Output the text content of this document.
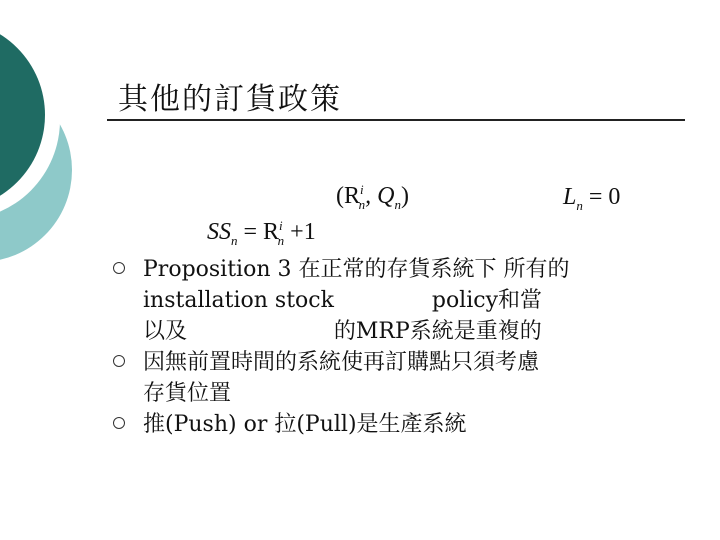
其他的訂貨政策
($R^i_n$, $Q_n$)	$L_n = 0$
$SS_n = R^i_n +1$
Proposition 3 在正常的存貨系統下 所有的
installation stock              policy和當
以及                     的MRP系統是重複的
因無前置時間的系統使再訂購點只須考慮
存貨位置
推(Push) or 拉(Pull)是生產系統
